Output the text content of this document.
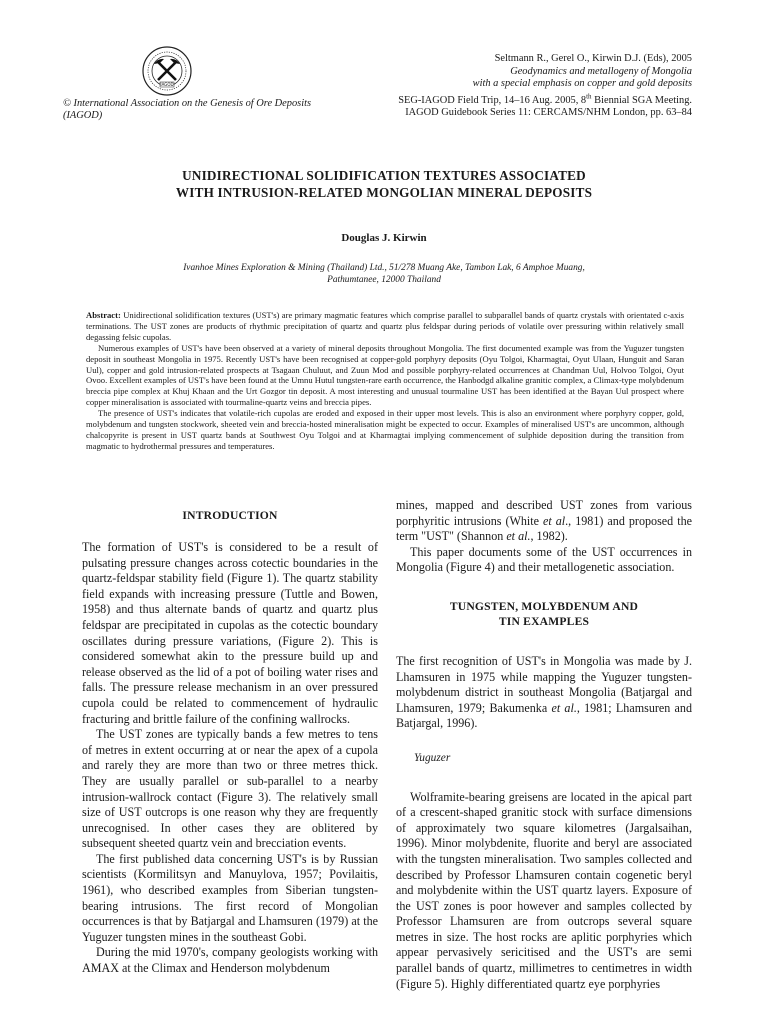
IAGOD
© International Association on the Genesis of Ore Deposits (IAGOD)
Seltmann R., Gerel O., Kirwin D.J. (Eds), 2005
Geodynamics and metallogeny of Mongolia
with a special emphasis on copper and gold deposits
SEG-IAGOD Field Trip, 14–16 Aug. 2005, 8th Biennial SGA Meeting.
IAGOD Guidebook Series 11: CERCAMS/NHM London, pp. 63–84
UNIDIRECTIONAL SOLIDIFICATION TEXTURES ASSOCIATED
WITH INTRUSION-RELATED MONGOLIAN MINERAL DEPOSITS
Douglas J. Kirwin
Ivanhoe Mines Exploration & Mining (Thailand) Ltd., 51/278 Muang Ake, Tambon Lak, 6 Amphoe Muang,
Pathumtanee, 12000 Thailand

Abstract: Unidirectional solidification textures (UST's) are primary magmatic features which comprise parallel to subparallel bands of quartz crystals with orientated c-axis terminations. The UST zones are products of rhythmic precipitation of quartz and quartz plus feldspar during periods of volatile over pressuring within relatively small degassing felsic cupolas.

Numerous examples of UST's have been observed at a variety of mineral deposits throughout Mongolia. The first documented example was from the Yuguzer tungsten deposit in southeast Mongolia in 1975. Recently UST's have been recognised at copper-gold porphyry deposits (Oyu Tolgoi, Kharmagtai, Oyut Ulaan, Hunguit and Saran Uul), copper and gold intrusion-related prospects at Tsagaan Chuluut, and Zuun Mod and possible porphyry-related occurrences at Chandman Uul, Holvoo Tolgoi, Oyut Ovoo. Excellent examples of UST's have been found at the Umnu Hutul tungsten-rare earth occurrence, the Hanbodgd alkaline granitic complex, a Climax-type molybdenum breccia pipe complex at Khuj Khaan and the Urt Gozgor tin deposit. A most interesting and unusual tourmaline UST has been identified at the Bayan Uul prospect where copper mineralisation is associated with tourmaline-quartz veins and breccia pipes.

The presence of UST's indicates that volatile-rich cupolas are eroded and exposed in their upper most levels. This is also an environment where porphyry copper, gold, molybdenum and tungsten stockwork, sheeted vein and breccia-hosted mineralisation might be expected to occur. Examples of mineralised UST's are uncommon, although chalcopyrite is present in UST quartz bands at Southwest Oyu Tolgoi and at Kharmagtai implying commencement of sulphide deposition during the transition from magmatic to hydrothermal pressures and temperatures.

INTRODUCTION

The formation of UST's is considered to be a result of pulsating pressure changes across cotectic boundaries in the quartz-feldspar stability field (Figure 1). The quartz stability field expands with increasing pressure (Tuttle and Bowen, 1958) and thus alternate bands of quartz and quartz plus feldspar are precipitated in cupolas as the cotectic boundary oscillates during pressure variations, (Figure 2). This is considered somewhat akin to the pressure build up and release observed as the lid of a pot of boiling water rises and falls. The pressure release mechanism in an over pressured cupola could be related to commencement of hydraulic fracturing and brittle failure of the confining wallrocks.

The UST zones are typically bands a few metres to tens of metres in extent occurring at or near the apex of a cupola and rarely they are more than two or three metres thick. They are usually parallel or sub-parallel to a nearby intrusion-wallrock contact (Figure 3). The relatively small size of UST outcrops is one reason why they are frequently unrecognised. In other cases they are oblitered by subsequent sheeted quartz vein and brecciation events.

The first published data concerning UST's is by Russian scientists (Kormilitsyn and Manuylova, 1957; Povilaitis, 1961), who described examples from Siberian tungsten-bearing intrusions. The first record of Mongolian occurrences is that by Batjargal and Lhamsuren (1979) at the Yuguzer tungsten mines in the southeast Gobi.

During the mid 1970's, company geologists working with AMAX at the Climax and Henderson molybdenum

mines, mapped and described UST zones from various porphyritic intrusions (White et al., 1981) and proposed the term "UST" (Shannon et al., 1982).

This paper documents some of the UST occurrences in Mongolia (Figure 4) and their metallogenetic association.

TUNGSTEN, MOLYBDENUM AND
TIN EXAMPLES

The first recognition of UST's in Mongolia was made by J. Lhamsuren in 1975 while mapping the Yuguzer tungsten-molybdenum district in southeast Mongolia (Batjargal and Lhamsuren, 1979; Bakumenka et al., 1981; Lhamsuren and Batjargal, 1996).

Yuguzer

Wolframite-bearing greisens are located in the apical part of a crescent-shaped granitic stock with surface dimensions of approximately two square kilometres (Jargalsaihan, 1996). Minor molybdenite, fluorite and beryl are associated with the tungsten mineralisation. Two samples collected and described by Professor Lhamsuren contain cogenetic beryl and molybdenite within the UST quartz layers. Exposure of the UST zones is poor however and samples collected by Professor Lhamsuren are from outcrops several square metres in size. The host rocks are aplitic porphyries which appear pervasively sericitised and the UST's are semi parallel bands of quartz, millimetres to centimetres in width (Figure 5). Highly differentiated quartz eye porphyries
